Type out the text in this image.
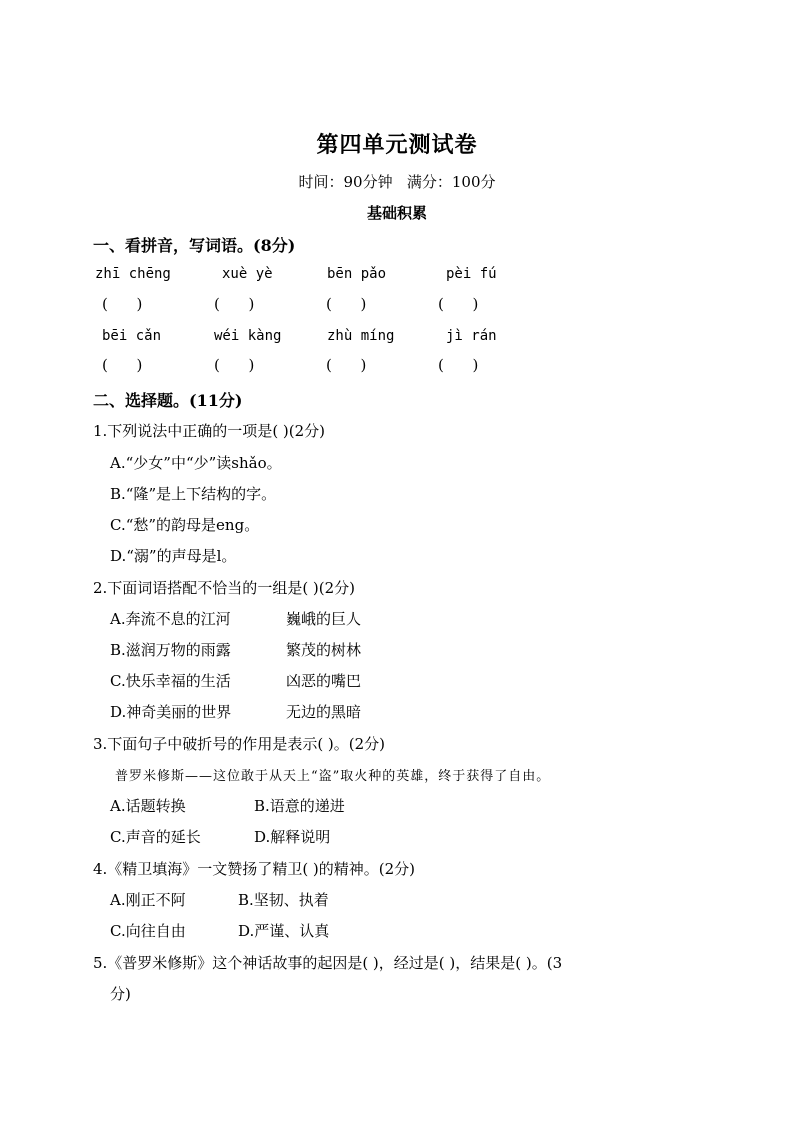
第四单元测试卷
时间：90分钟   满分：100分
基础积累
一、看拼音，写词语。(8分)
zhī chēng	xuè yè	bēn pǎo	pèi fú
(      )	(      )	(      )	(      )
bēi cǎn	wéi kàng	zhù míng	jì rán
(      )	(      )	(      )	(      )
二、选择题。(11分)
1.下列说法中正确的一项是( )(2分)
A.“少女”中“少”读shǎo。
B.“隆”是上下结构的字。
C.“愁”的韵母是eng。
D.“溺”的声母是l。
2.下面词语搭配不恰当的一组是( )(2分)
A.奔流不息的江河	巍峨的巨人
B.滋润万物的雨露	繁茂的树林
C.快乐幸福的生活	凶恶的嘴巴
D.神奇美丽的世界	无边的黑暗
3.下面句子中破折号的作用是表示( )。(2分)
普罗米修斯——这位敢于从天上“盗”取火种的英雄，终于获得了自由。
A.话题转换	B.语意的递进
C.声音的延长	D.解释说明
4.《精卫填海》一文赞扬了精卫( )的精神。(2分)
A.刚正不阿	B.坚韧、执着
C.向往自由	D.严谨、认真
5.《普罗米修斯》这个神话故事的起因是( )，经过是( )，结果是( )。(3
分)
